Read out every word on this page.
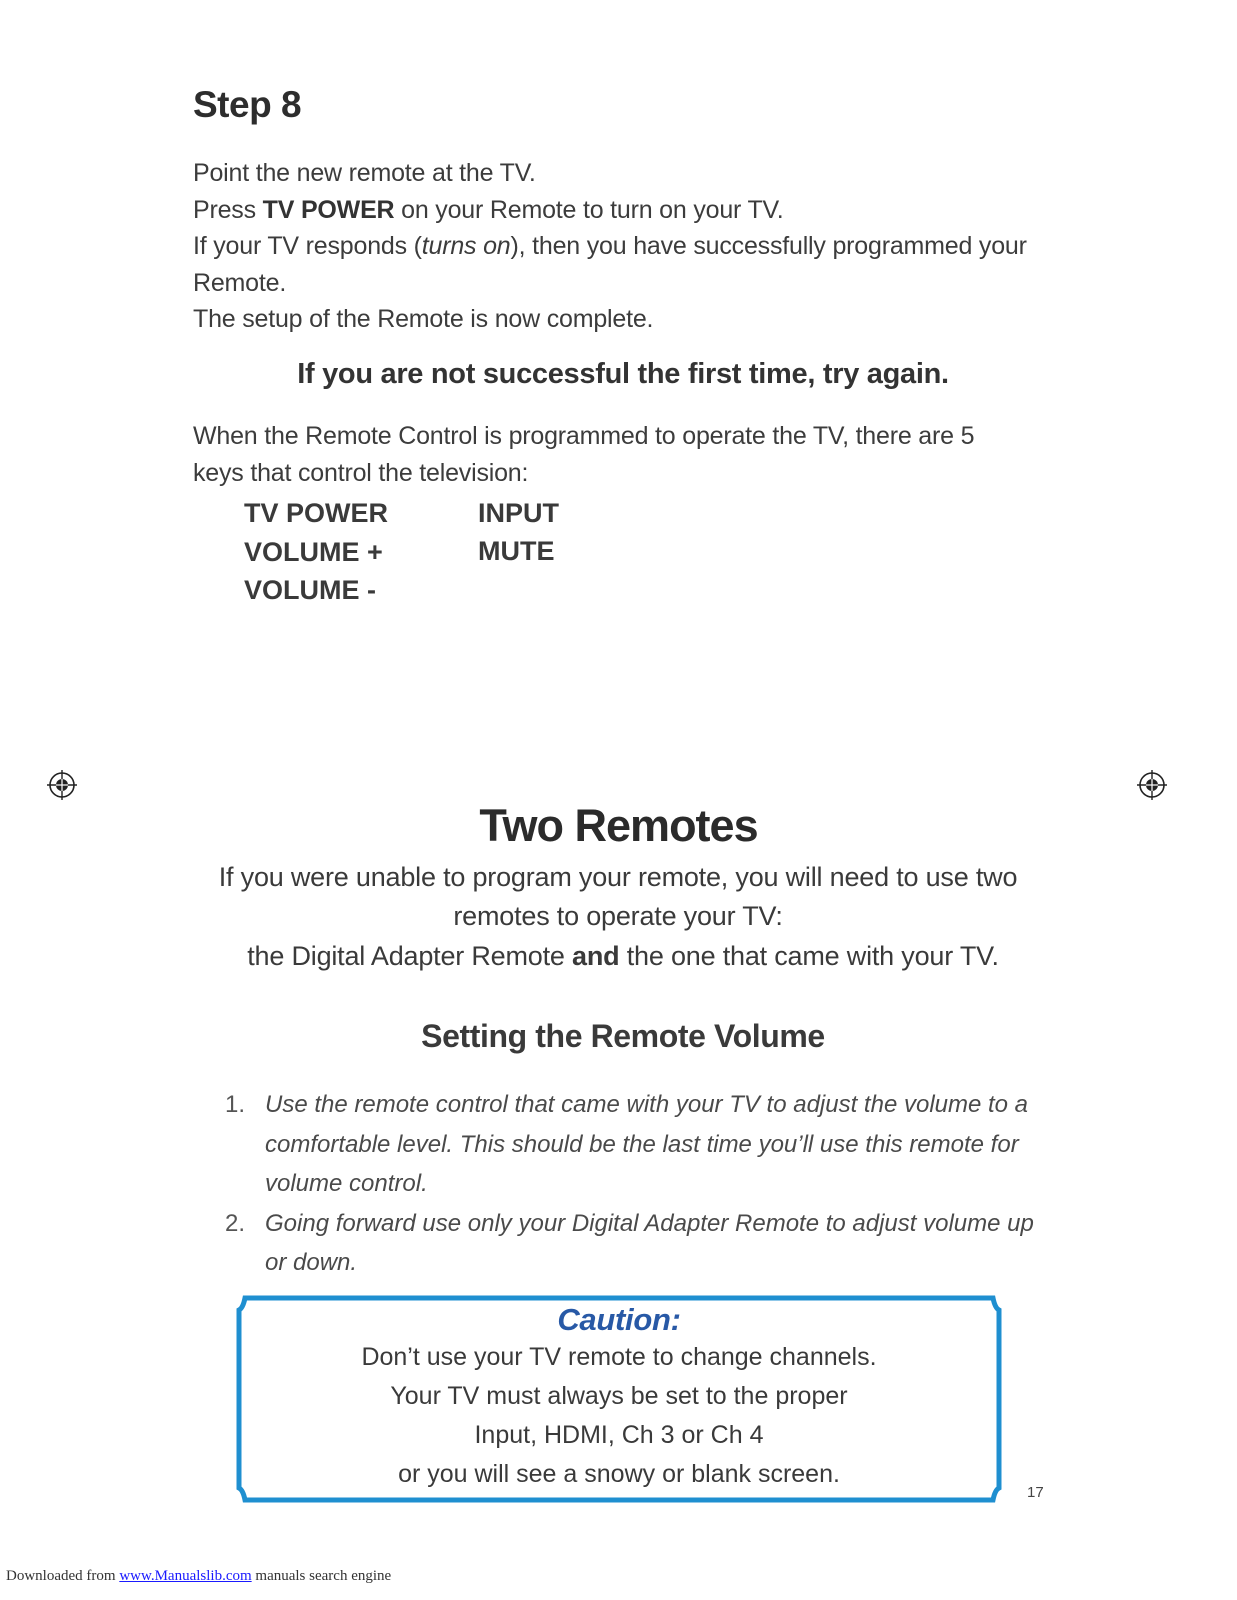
Step 8
Point the new remote at the TV.
Press TV POWER on your Remote to turn on your TV.
If your TV responds (turns on), then you have successfully programmed your Remote.
The setup of the Remote is now complete.
If you are not successful the first time, try again.
When the Remote Control is programmed to operate the TV, there are 5 keys that control the television:
TV POWER
VOLUME +
VOLUME -
INPUT
MUTE
Two Remotes
If you were unable to program your remote, you will need to use two remotes to operate your TV:
the Digital Adapter Remote and the one that came with your TV.
Setting the Remote Volume
1. Use the remote control that came with your TV to adjust the volume to a comfortable level. This should be the last time you’ll use this remote for volume control.
2. Going forward use only your Digital Adapter Remote to adjust volume up or down.
Caution:
Don’t use your TV remote to change channels.
Your TV must always be set to the proper
Input, HDMI, Ch 3 or Ch 4
or you will see a snowy or blank screen.
17
Downloaded from www.Manualslib.com manuals search engine
